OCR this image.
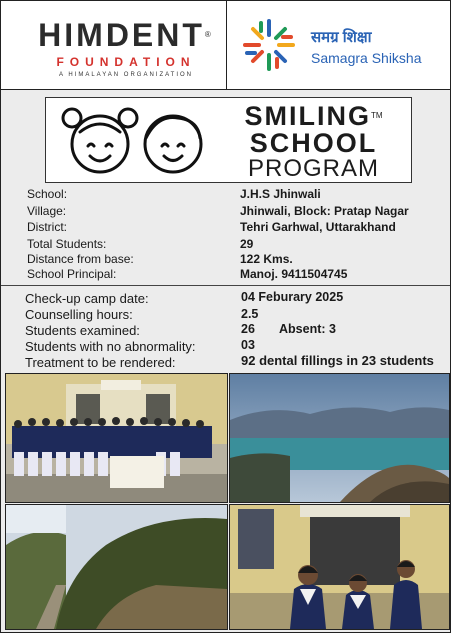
HIMDENT®
FOUNDATION
A HIMALAYAN ORGANIZATION
समग्र शिक्षा
Samagra Shiksha
SMILING™
SCHOOL
PROGRAM
School:	J.H.S Jhinwali
Village:	Jhinwali, Block: Pratap Nagar
District:	Tehri Garhwal, Uttarakhand
Total Students:	29
Distance from base:	122 Kms.
School Principal:	Manoj. 9411504745
Check-up camp date:	04 Feburary 2025
Counselling hours:	2.5
Students examined:	26 Absent: 3
Students with no abnormality:	03
Treatment to be rendered:	92 dental fillings in 23 students
